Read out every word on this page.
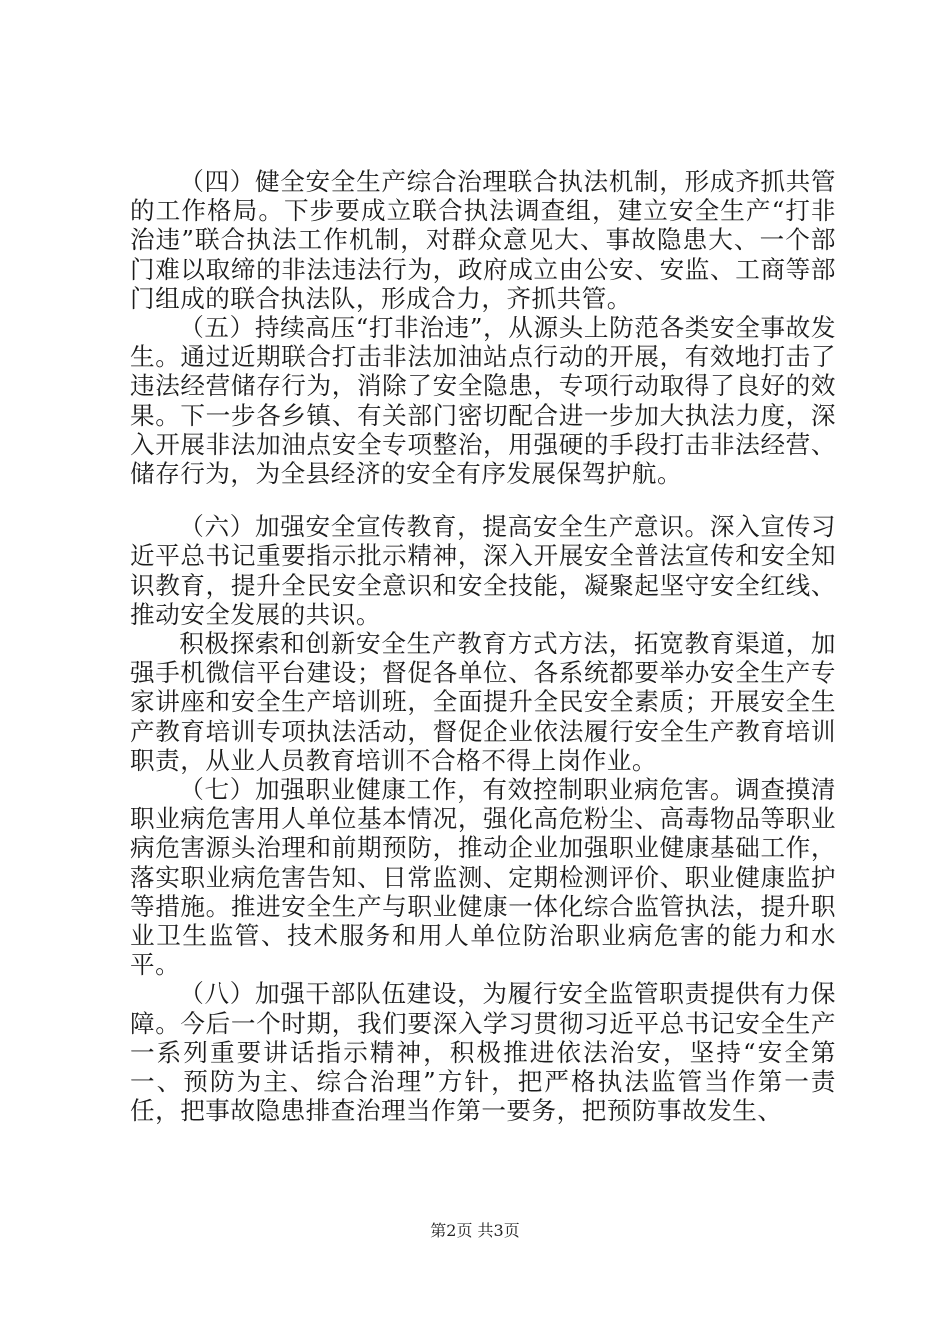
（四）健全安全生产综合治理联合执法机制，形成齐抓共管的工作格局。下步要成立联合执法调查组，建立安全生产“打非治违”联合执法工作机制，对群众意见大、事故隐患大、一个部门难以取缔的非法违法行为，政府成立由公安、安监、工商等部门组成的联合执法队，形成合力，齐抓共管。

（五）持续高压“打非治违”，从源头上防范各类安全事故发生。通过近期联合打击非法加油站点行动的开展，有效地打击了违法经营储存行为，消除了安全隐患，专项行动取得了良好的效果。下一步各乡镇、有关部门密切配合进一步加大执法力度，深入开展非法加油点安全专项整治，用强硬的手段打击非法经营、储存行为，为全县经济的安全有序发展保驾护航。

（六）加强安全宣传教育，提高安全生产意识。深入宣传习近平总书记重要指示批示精神，深入开展安全普法宣传和安全知识教育，提升全民安全意识和安全技能，凝聚起坚守安全红线、推动安全发展的共识。

积极探索和创新安全生产教育方式方法，拓宽教育渠道，加强手机微信平台建设；督促各单位、各系统都要举办安全生产专家讲座和安全生产培训班，全面提升全民安全素质；开展安全生产教育培训专项执法活动，督促企业依法履行安全生产教育培训职责，从业人员教育培训不合格不得上岗作业。

（七）加强职业健康工作，有效控制职业病危害。调查摸清职业病危害用人单位基本情况，强化高危粉尘、高毒物品等职业病危害源头治理和前期预防，推动企业加强职业健康基础工作，落实职业病危害告知、日常监测、定期检测评价、职业健康监护等措施。推进安全生产与职业健康一体化综合监管执法，提升职业卫生监管、技术服务和用人单位防治职业病危害的能力和水平。

（八）加强干部队伍建设，为履行安全监管职责提供有力保障。今后一个时期，我们要深入学习贯彻习近平总书记安全生产一系列重要讲话指示精神，积极推进依法治安，坚持“安全第一、预防为主、综合治理”方针，把严格执法监管当作第一责任，把事故隐患排查治理当作第一要务，把预防事故发生、

第2页 共3页
